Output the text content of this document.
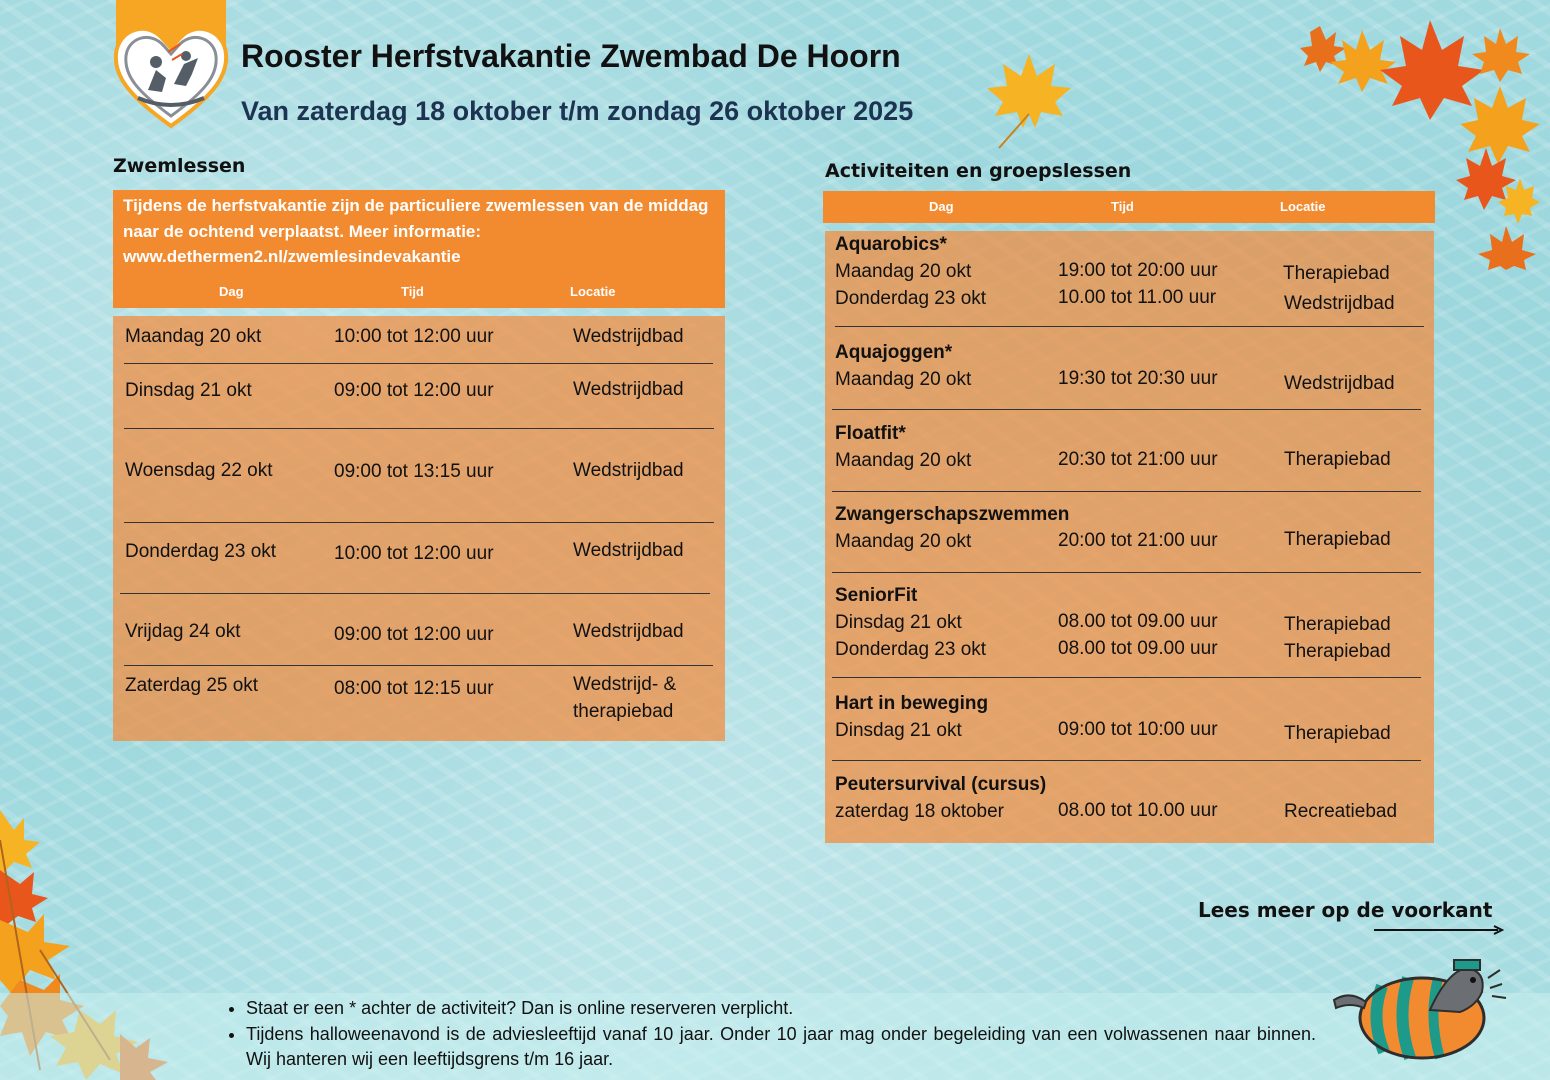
Rooster Herfstvakantie Zwembad De Hoorn
Van zaterdag 18 oktober t/m zondag 26 oktober 2025
Zwemlessen
Tijdens de herfstvakantie zijn de particuliere zwemlessen van de middag naar de ochtend verplaatst. Meer informatie: www.dethermen2.nl/zwemlesindevakantie
Dag	Tijd	Locatie
Maandag 20 okt	10:00 tot 12:00 uur	Wedstrijdbad
Dinsdag 21 okt	09:00 tot 12:00 uur	Wedstrijdbad
Woensdag 22 okt	09:00 tot 13:15 uur	Wedstrijdbad
Donderdag 23 okt	10:00 tot 12:00 uur	Wedstrijdbad
Vrijdag 24 okt	09:00 tot 12:00 uur	Wedstrijdbad
Zaterdag 25 okt	08:00 tot 12:15 uur	Wedstrijd- &
therapiebad
Activiteiten en groepslessen
Dag	Tijd	Locatie
Aquarobics*
Maandag 20 okt	19:00 tot 20:00 uur	Therapiebad
Donderdag 23 okt	10.00 tot 11.00 uur	Wedstrijdbad
Aquajoggen*
Maandag 20 okt	19:30 tot 20:30 uur	Wedstrijdbad
Floatfit*
Maandag 20 okt	20:30 tot 21:00 uur	Therapiebad
Zwangerschapszwemmen
Maandag 20 okt	20:00 tot 21:00 uur	Therapiebad
SeniorFit
Dinsdag 21 okt	08.00 tot 09.00 uur	Therapiebad
Donderdag 23 okt	08.00 tot 09.00 uur	Therapiebad
Hart in beweging
Dinsdag 21 okt	09:00 tot 10:00 uur	Therapiebad
Peutersurvival (cursus)
zaterdag 18 oktober	08.00 tot 10.00 uur	Recreatiebad
Lees meer op de voorkant
• Staat er een * achter de activiteit? Dan is online reserveren verplicht.
• Tijdens halloweenavond is de adviesleeftijd vanaf 10 jaar. Onder 10 jaar mag onder begeleiding van een volwassenen naar binnen. Wij hanteren wij een leeftijdsgrens t/m 16 jaar.
